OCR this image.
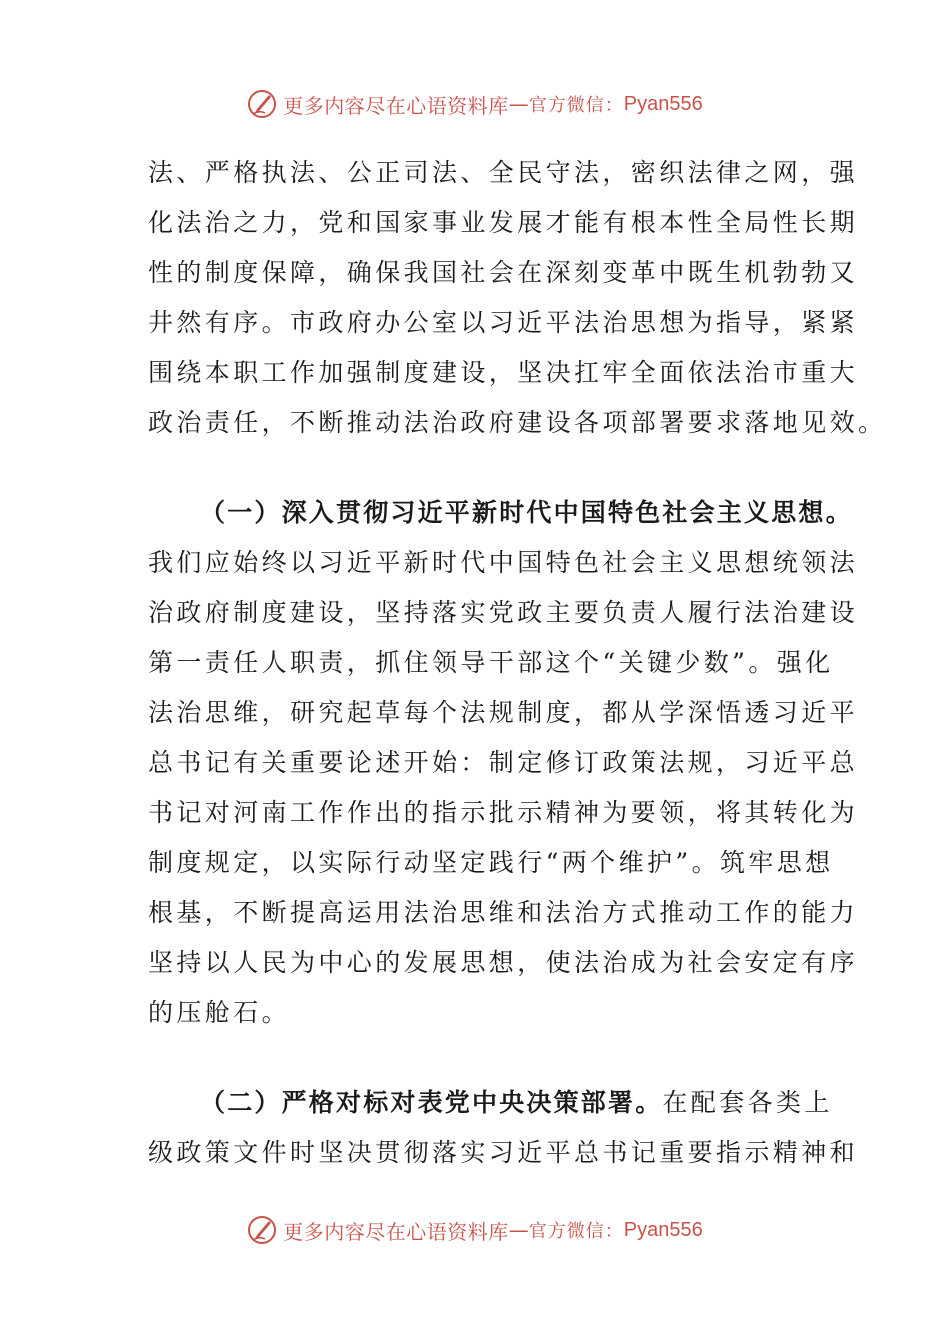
更多内容尽在心语资料库 — 官方微信： Pyan556
法、严格执法、公正司法、全民守法，密织法律之网，强
化法治之力，党和国家事业发展才能有根本性全局性长期
性的制度保障，确保我国社会在深刻变革中既生机勃勃又
井然有序。市政府办公室以习近平法治思想为指导，紧紧
围绕本职工作加强制度建设，坚决扛牢全面依法治市重大
政治责任，不断推动法治政府建设各项部署要求落地见效。
（一）深入贯彻习近平新时代中国特色社会主义思想。
我们应始终以习近平新时代中国特色社会主义思想统领法
治政府制度建设，坚持落实党政主要负责人履行法治建设
第一责任人职责，抓住领导干部这个“关键少数”。强化
法治思维，研究起草每个法规制度，都从学深悟透习近平
总书记有关重要论述开始：制定修订政策法规，习近平总
书记对河南工作作出的指示批示精神为要领，将其转化为
制度规定，以实际行动坚定践行“两个维护”。筑牢思想
根基，不断提高运用法治思维和法治方式推动工作的能力
坚持以人民为中心的发展思想，使法治成为社会安定有序
的压舱石。
（二）严格对标对表党中央决策部署。在配套各类上
级政策文件时坚决贯彻落实习近平总书记重要指示精神和
更多内容尽在心语资料库 — 官方微信： Pyan556
